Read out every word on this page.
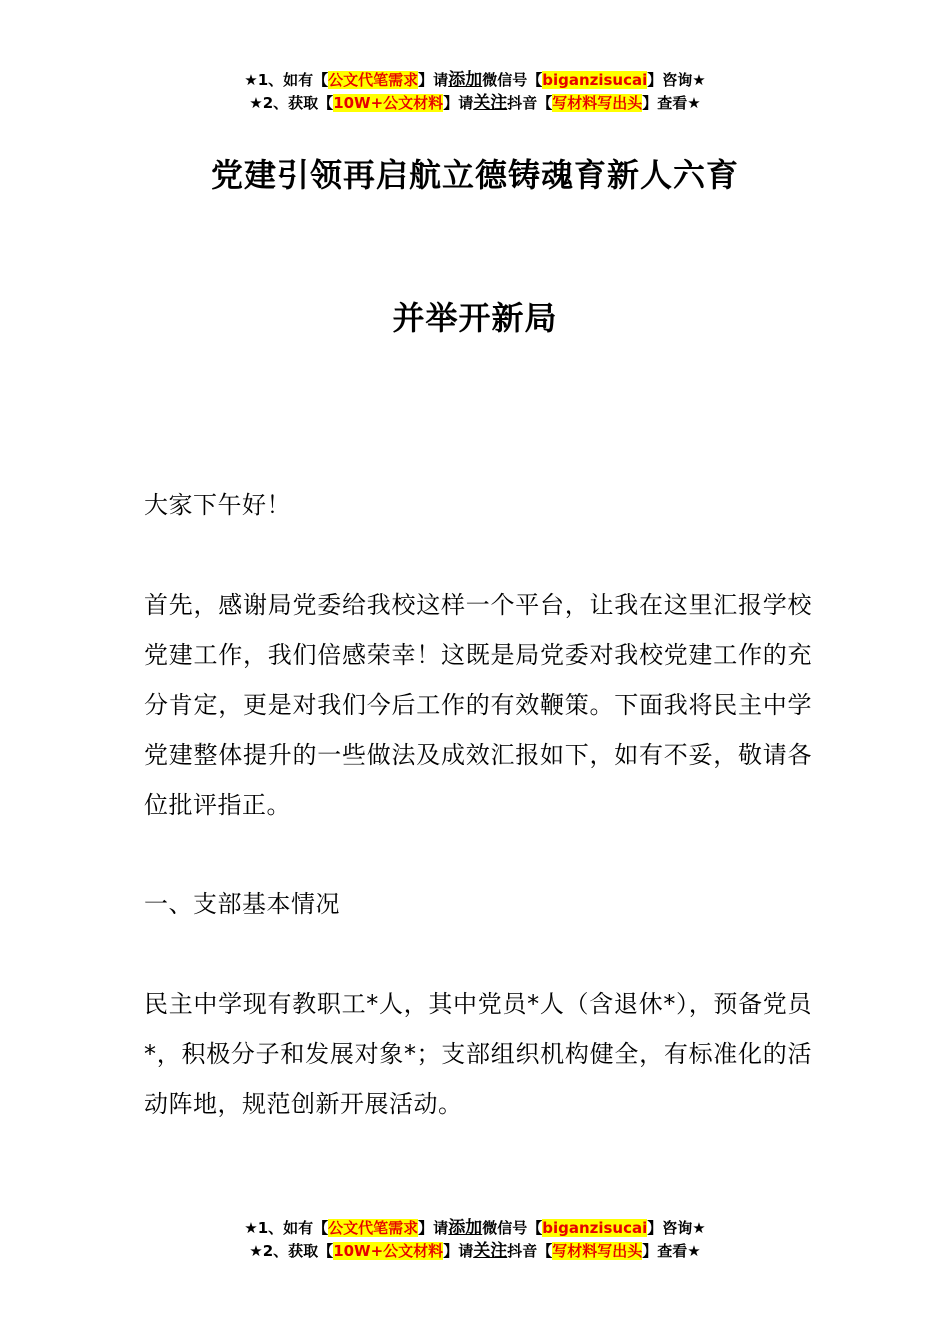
★1、如有【公文代笔需求】请添加微信号【biganzisucai】咨询★
★2、获取【10W+公文材料】请关注抖音【写材料写出头】查看★
党建引领再启航立德铸魂育新人六育
并举开新局
大家下午好！
首先，感谢局党委给我校这样一个平台，让我在这里汇报学校党建工作，我们倍感荣幸！这既是局党委对我校党建工作的充分肯定，更是对我们今后工作的有效鞭策。下面我将民主中学党建整体提升的一些做法及成效汇报如下，如有不妥，敬请各位批评指正。
一、支部基本情况
民主中学现有教职工*人，其中党员*人（含退休*），预备党员*，积极分子和发展对象*；支部组织机构健全，有标准化的活动阵地，规范创新开展活动。
★1、如有【公文代笔需求】请添加微信号【biganzisucai】咨询★
★2、获取【10W+公文材料】请关注抖音【写材料写出头】查看★
